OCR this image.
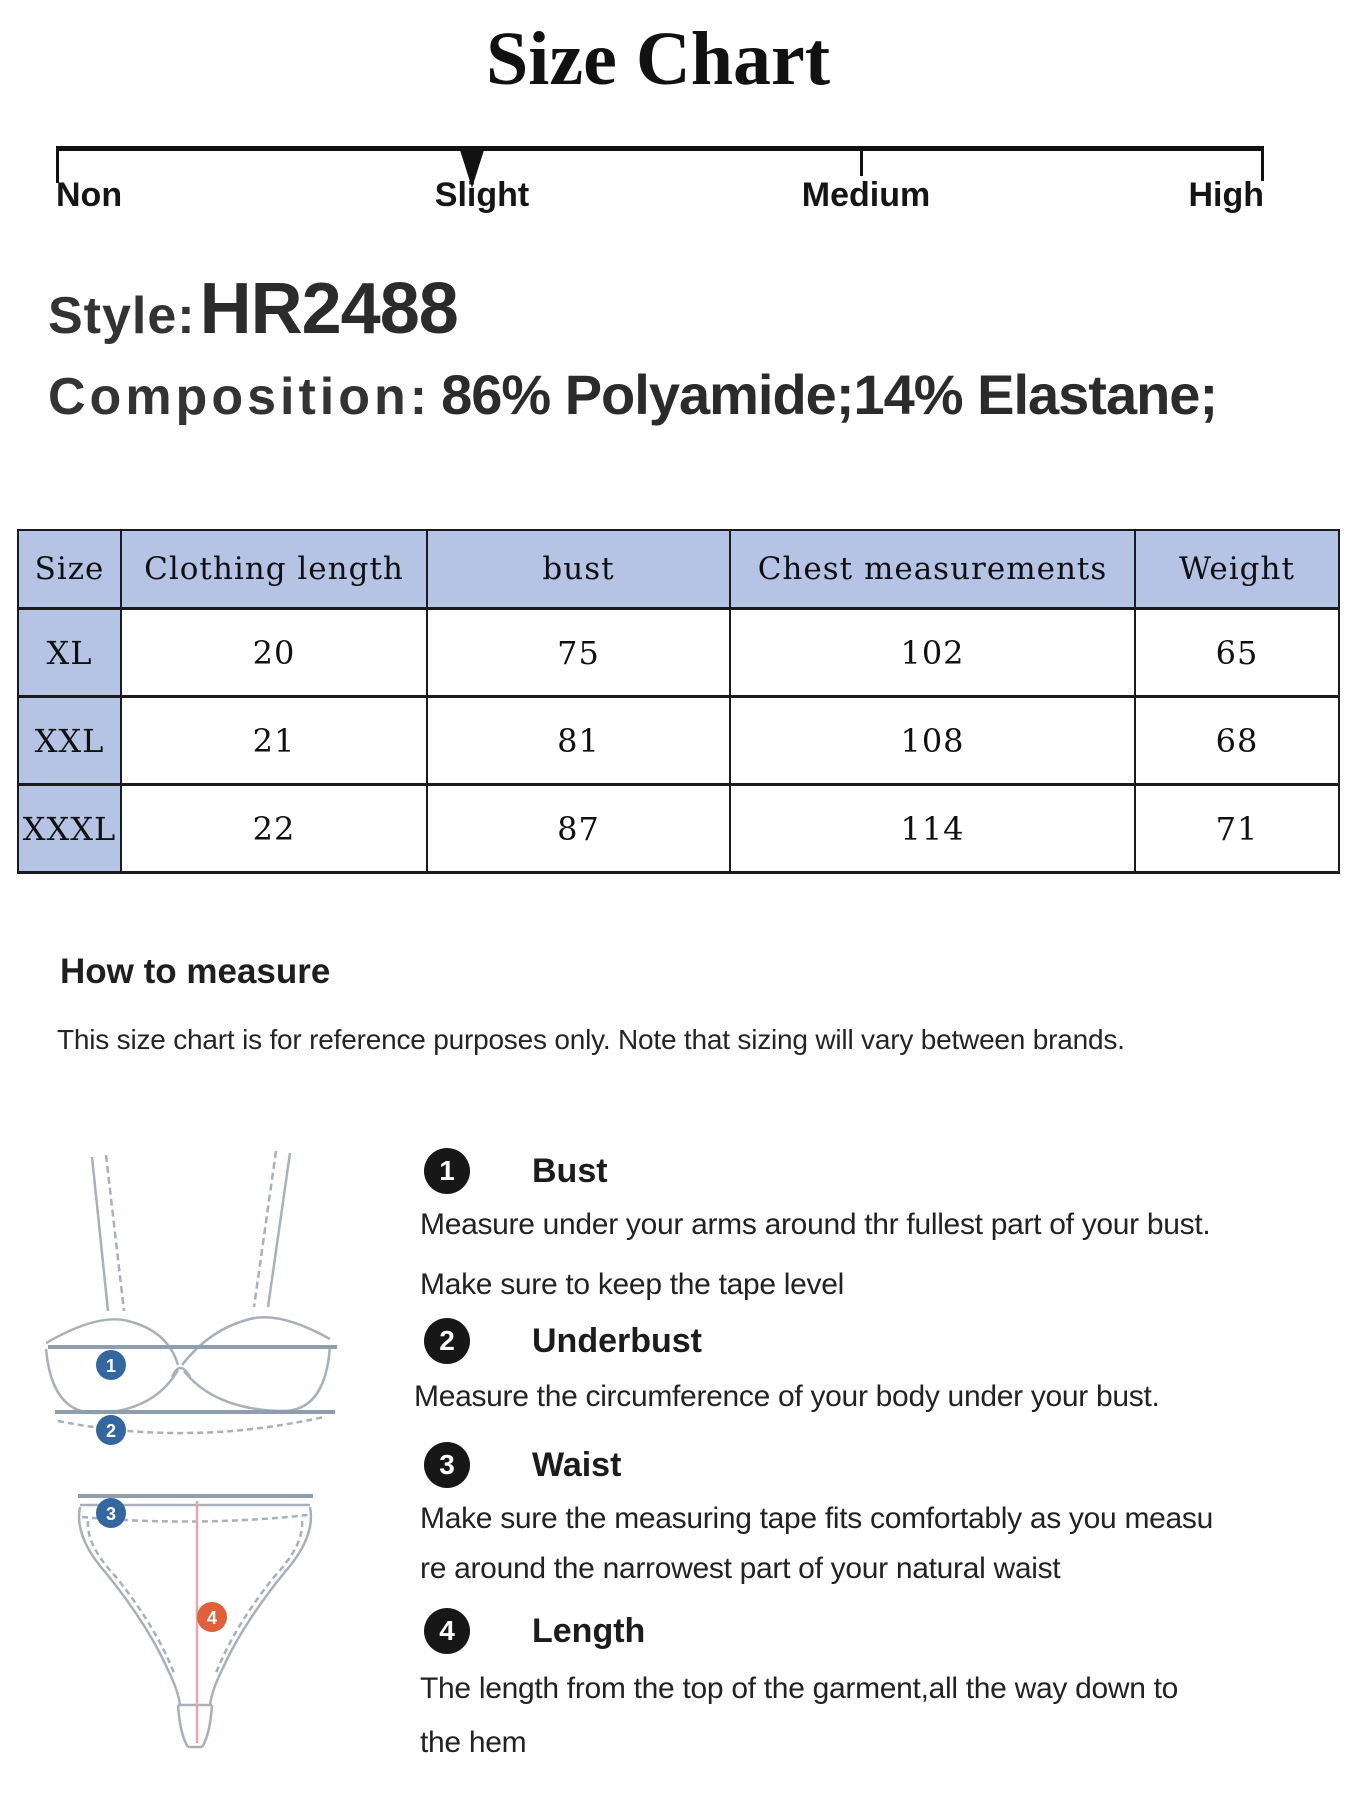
Size Chart
Non	Slight	Medium	High
Style: HR2488
Composition: 86% Polyamide;14% Elastane;
Size	Clothing length	bust	Chest measurements	Weight
XL	20	75	102	65
XXL	21	81	108	68
XXXL	22	87	114	71
How to measure
This size chart is for reference purposes only. Note that sizing will vary between brands.
1
2
3
4
1 Bust
Measure under your arms around thr fullest part of your bust.
Make sure to keep the tape level
2 Underbust
Measure the circumference of your body under your bust.
3 Waist
Make sure the measuring tape fits comfortably as you measu
re around the narrowest part of your natural waist
4 Length
The length from the top of the garment,all the way down to
the hem
